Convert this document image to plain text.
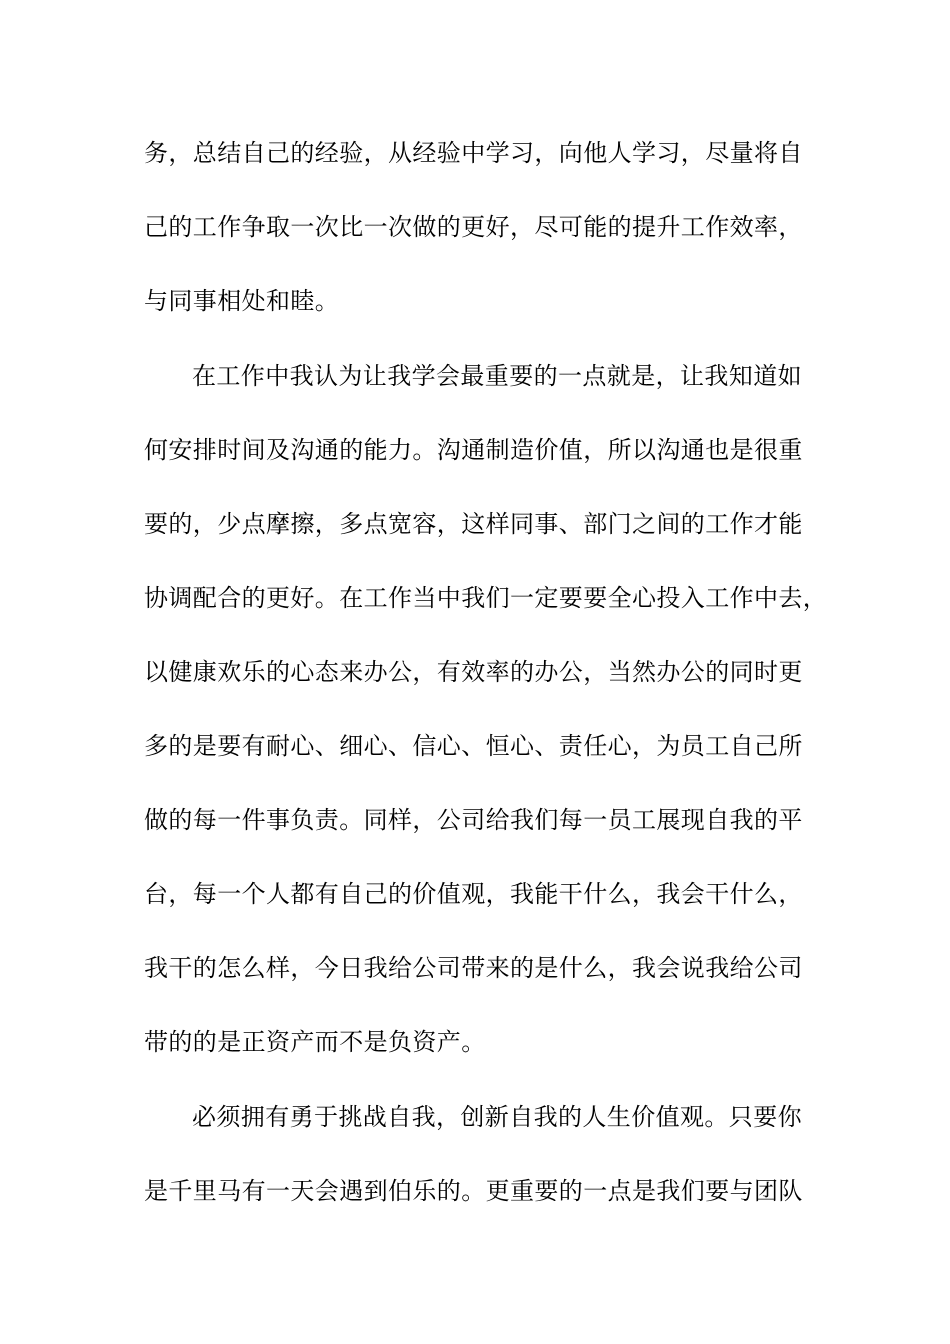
务，总结自己的经验，从经验中学习，向他人学习，尽量将自
己的工作争取一次比一次做的更好，尽可能的提升工作效率，
与同事相处和睦。
在工作中我认为让我学会最重要的一点就是，让我知道如
何安排时间及沟通的能力。沟通制造价值，所以沟通也是很重
要的，少点摩擦，多点宽容，这样同事、部门之间的工作才能
协调配合的更好。在工作当中我们一定要要全心投入工作中去，
以健康欢乐的心态来办公，有效率的办公，当然办公的同时更
多的是要有耐心、细心、信心、恒心、责任心，为员工自己所
做的每一件事负责。同样，公司给我们每一员工展现自我的平
台，每一个人都有自己的价值观，我能干什么，我会干什么，
我干的怎么样，今日我给公司带来的是什么，我会说我给公司
带的的是正资产而不是负资产。
必须拥有勇于挑战自我，创新自我的人生价值观。只要你
是千里马有一天会遇到伯乐的。更重要的一点是我们要与团队
